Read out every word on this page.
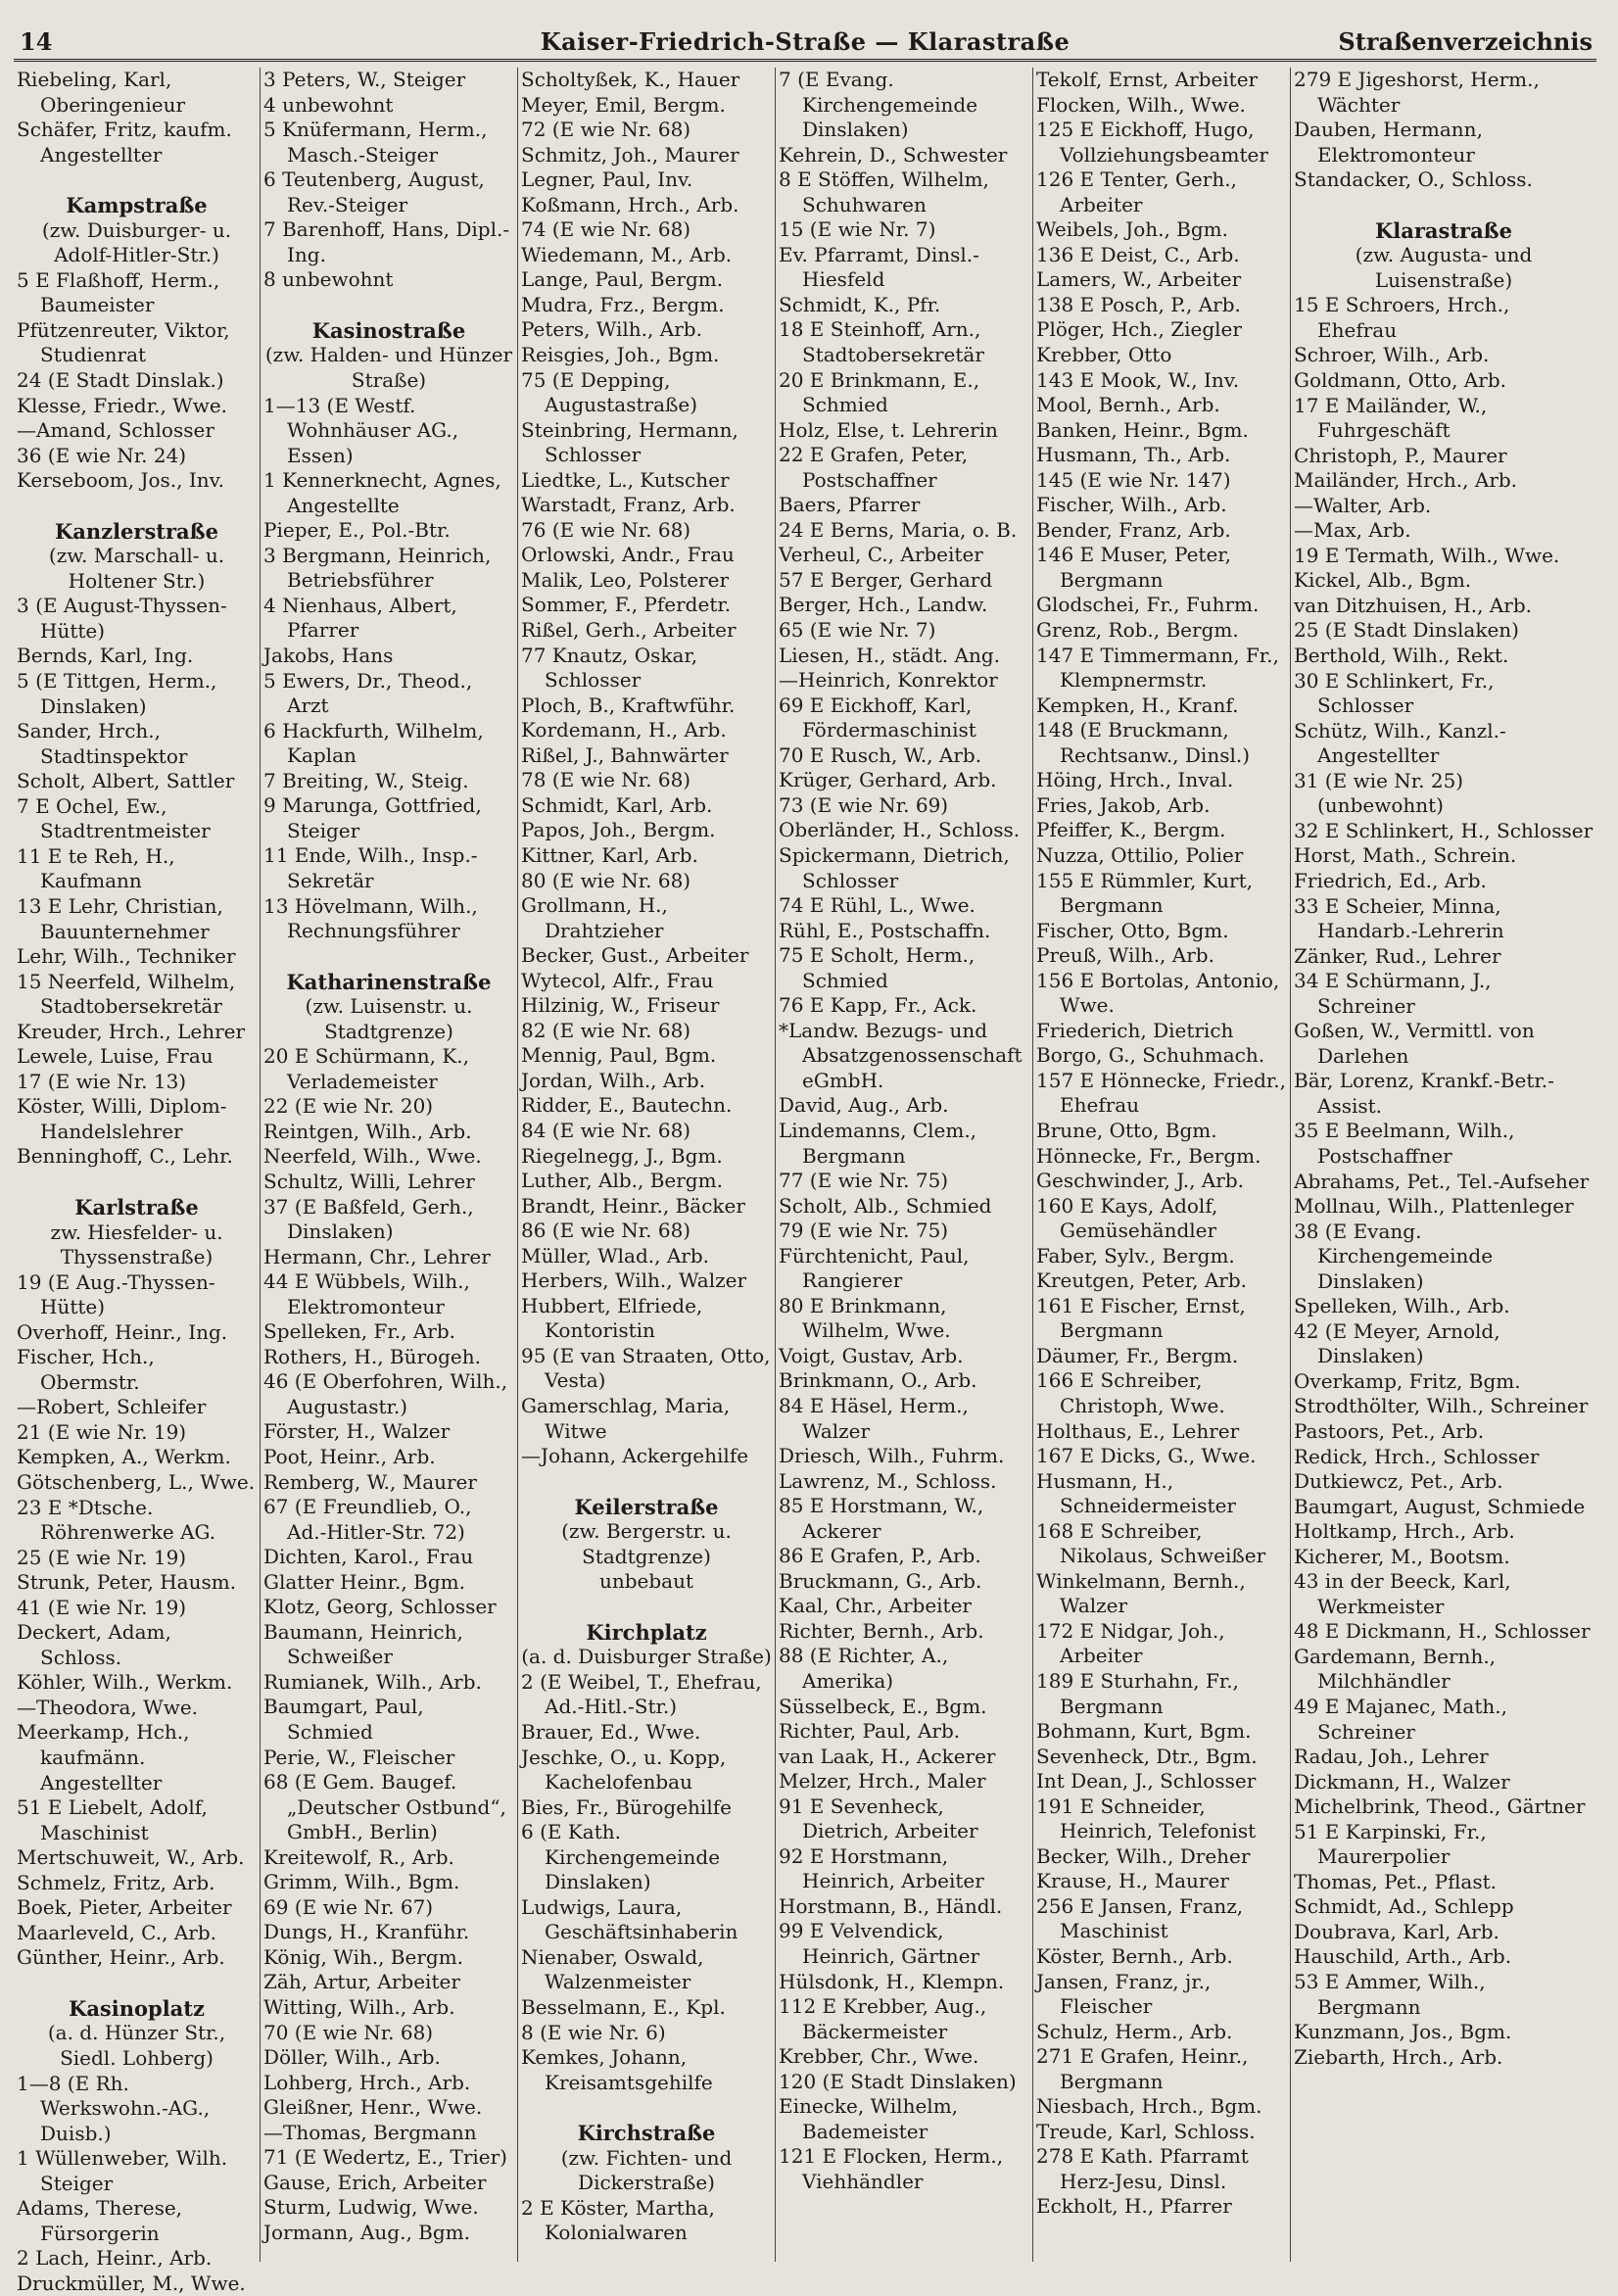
14	Kaiser-Friedrich-Straße — Klarastraße	Straßenverzeichnis
Riebeling, Karl, Oberingenieur
Schäfer, Fritz, kaufm. Angestellter
Kampstraße
(zw. Duisburger- u. Adolf-Hitler-Str.)
5 E Flaßhoff, Herm., Baumeister
Pfützenreuter, Viktor, Studienrat
24 (E Stadt Dinslak.)
Klesse, Friedr., Wwe.
—Amand, Schlosser
36 (E wie Nr. 24)
Kerseboom, Jos., Inv.
Kanzlerstraße
(zw. Marschall- u. Holtener Str.)
3 (E August-Thyssen-Hütte)
Bernds, Karl, Ing.
5 (E Tittgen, Herm., Dinslaken)
Sander, Hrch., Stadtinspektor
Scholt, Albert, Sattler
7 E Ochel, Ew., Stadtrentmeister
11 E te Reh, H., Kaufmann
13 E Lehr, Christian, Bauunternehmer
Lehr, Wilh., Techniker
15 Neerfeld, Wilhelm, Stadtobersekretär
Kreuder, Hrch., Lehrer
Lewele, Luise, Frau
17 (E wie Nr. 13)
Köster, Willi, Diplom-Handelslehrer
Benninghoff, C., Lehr.
Karlstraße
zw. Hiesfelder- u. Thyssenstraße)
19 (E Aug.-Thyssen-Hütte)
Overhoff, Heinr., Ing.
Fischer, Hch., Obermstr.
—Robert, Schleifer
21 (E wie Nr. 19)
Kempken, A., Werkm.
Götschenberg, L., Wwe.
23 E *Dtsche. Röhrenwerke AG.
25 (E wie Nr. 19)
Strunk, Peter, Hausm.
41 (E wie Nr. 19)
Deckert, Adam, Schloss.
Köhler, Wilh., Werkm.
—Theodora, Wwe.
Meerkamp, Hch., kaufmänn. Angestellter
51 E Liebelt, Adolf, Maschinist
Mertschuweit, W., Arb.
Schmelz, Fritz, Arb.
Boek, Pieter, Arbeiter
Maarleveld, C., Arb.
Günther, Heinr., Arb.
Kasinoplatz
(a. d. Hünzer Str., Siedl. Lohberg)
1—8 (E Rh. Werkswohn.-AG., Duisb.)
1 Wüllenweber, Wilh. Steiger
Adams, Therese, Fürsorgerin
2 Lach, Heinr., Arb.
Druckmüller, M., Wwe.
3 Peters, W., Steiger
4 unbewohnt
5 Knüfermann, Herm., Masch.-Steiger
6 Teutenberg, August, Rev.-Steiger
7 Barenhoff, Hans, Dipl.-Ing.
8 unbewohnt
Kasinostraße
(zw. Halden- und Hünzer Straße)
1—13 (E Westf. Wohnhäuser AG., Essen)
1 Kennerknecht, Agnes, Angestellte
Pieper, E., Pol.-Btr.
3 Bergmann, Heinrich, Betriebsführer
4 Nienhaus, Albert, Pfarrer
Jakobs, Hans
5 Ewers, Dr., Theod., Arzt
6 Hackfurth, Wilhelm, Kaplan
7 Breiting, W., Steig.
9 Marunga, Gottfried, Steiger
11 Ende, Wilh., Insp.-Sekretär
13 Hövelmann, Wilh., Rechnungsführer
Katharinenstraße
(zw. Luisenstr. u. Stadtgrenze)
20 E Schürmann, K., Verlademeister
22 (E wie Nr. 20)
Reintgen, Wilh., Arb.
Neerfeld, Wilh., Wwe.
Schultz, Willi, Lehrer
37 (E Baßfeld, Gerh., Dinslaken)
Hermann, Chr., Lehrer
44 E Wübbels, Wilh., Elektromonteur
Spelleken, Fr., Arb.
Rothers, H., Bürogeh.
46 (E Oberfohren, Wilh., Augustastr.)
Förster, H., Walzer
Poot, Heinr., Arb.
Remberg, W., Maurer
67 (E Freundlieb, O., Ad.-Hitler-Str. 72)
Dichten, Karol., Frau
Glatter Heinr., Bgm.
Klotz, Georg, Schlosser
Baumann, Heinrich, Schweißer
Rumianek, Wilh., Arb.
Baumgart, Paul, Schmied
Perie, W., Fleischer
68 (E Gem. Baugef. „Deutscher Ostbund“, GmbH., Berlin)
Kreitewolf, R., Arb.
Grimm, Wilh., Bgm.
69 (E wie Nr. 67)
Dungs, H., Kranführ.
König, Wih., Bergm.
Zäh, Artur, Arbeiter
Witting, Wilh., Arb.
70 (E wie Nr. 68)
Döller, Wilh., Arb.
Lohberg, Hrch., Arb.
Gleißner, Henr., Wwe.
—Thomas, Bergmann
71 (E Wedertz, E., Trier)
Gause, Erich, Arbeiter
Sturm, Ludwig, Wwe.
Jormann, Aug., Bgm.
Scholtyßek, K., Hauer
Meyer, Emil, Bergm.
72 (E wie Nr. 68)
Schmitz, Joh., Maurer
Legner, Paul, Inv.
Koßmann, Hrch., Arb.
74 (E wie Nr. 68)
Wiedemann, M., Arb.
Lange, Paul, Bergm.
Mudra, Frz., Bergm.
Peters, Wilh., Arb.
Reisgies, Joh., Bgm.
75 (E Depping, Augustastraße)
Steinbring, Hermann, Schlosser
Liedtke, L., Kutscher
Warstadt, Franz, Arb.
76 (E wie Nr. 68)
Orlowski, Andr., Frau
Malik, Leo, Polsterer
Sommer, F., Pferdetr.
Rißel, Gerh., Arbeiter
77 Knautz, Oskar, Schlosser
Ploch, B., Kraftwführ.
Kordemann, H., Arb.
Rißel, J., Bahnwärter
78 (E wie Nr. 68)
Schmidt, Karl, Arb.
Papos, Joh., Bergm.
Kittner, Karl, Arb.
80 (E wie Nr. 68)
Grollmann, H., Drahtzieher
Becker, Gust., Arbeiter
Wytecol, Alfr., Frau
Hilzinig, W., Friseur
82 (E wie Nr. 68)
Mennig, Paul, Bgm.
Jordan, Wilh., Arb.
Ridder, E., Bautechn.
84 (E wie Nr. 68)
Riegelnegg, J., Bgm.
Luther, Alb., Bergm.
Brandt, Heinr., Bäcker
86 (E wie Nr. 68)
Müller, Wlad., Arb.
Herbers, Wilh., Walzer
Hubbert, Elfriede, Kontoristin
95 (E van Straaten, Otto, Vesta)
Gamerschlag, Maria, Witwe
—Johann, Ackergehilfe
Keilerstraße
(zw. Bergerstr. u. Stadtgrenze)
unbebaut
Kirchplatz
(a. d. Duisburger Straße)
2 (E Weibel, T., Ehefrau, Ad.-Hitl.-Str.)
Brauer, Ed., Wwe.
Jeschke, O., u. Kopp, Kachelofenbau
Bies, Fr., Bürogehilfe
6 (E Kath. Kirchengemeinde Dinslaken)
Ludwigs, Laura, Geschäftsinhaberin
Nienaber, Oswald, Walzenmeister
Besselmann, E., Kpl.
8 (E wie Nr. 6)
Kemkes, Johann, Kreisamtsgehilfe
Kirchstraße
(zw. Fichten- und Dickerstraße)
2 E Köster, Martha, Kolonialwaren
7 (E Evang. Kirchengemeinde Dinslaken)
Kehrein, D., Schwester
8 E Stöffen, Wilhelm, Schuhwaren
15 (E wie Nr. 7)
Ev. Pfarramt, Dinsl.-Hiesfeld
Schmidt, K., Pfr.
18 E Steinhoff, Arn., Stadtobersekretär
20 E Brinkmann, E., Schmied
Holz, Else, t. Lehrerin
22 E Grafen, Peter, Postschaffner
Baers, Pfarrer
24 E Berns, Maria, o. B.
Verheul, C., Arbeiter
57 E Berger, Gerhard
Berger, Hch., Landw.
65 (E wie Nr. 7)
Liesen, H., städt. Ang.
—Heinrich, Konrektor
69 E Eickhoff, Karl, Fördermaschinist
70 E Rusch, W., Arb.
Krüger, Gerhard, Arb.
73 (E wie Nr. 69)
Oberländer, H., Schloss.
Spickermann, Dietrich, Schlosser
74 E Rühl, L., Wwe.
Rühl, E., Postschaffn.
75 E Scholt, Herm., Schmied
76 E Kapp, Fr., Ack.
*Landw. Bezugs- und Absatzgenossenschaft eGmbH.
David, Aug., Arb.
Lindemanns, Clem., Bergmann
77 (E wie Nr. 75)
Scholt, Alb., Schmied
79 (E wie Nr. 75)
Fürchtenicht, Paul, Rangierer
80 E Brinkmann, Wilhelm, Wwe.
Voigt, Gustav, Arb.
Brinkmann, O., Arb.
84 E Häsel, Herm., Walzer
Driesch, Wilh., Fuhrm.
Lawrenz, M., Schloss.
85 E Horstmann, W., Ackerer
86 E Grafen, P., Arb.
Bruckmann, G., Arb.
Kaal, Chr., Arbeiter
Richter, Bernh., Arb.
88 (E Richter, A., Amerika)
Süsselbeck, E., Bgm.
Richter, Paul, Arb.
van Laak, H., Ackerer
Melzer, Hrch., Maler
91 E Sevenheck, Dietrich, Arbeiter
92 E Horstmann, Heinrich, Arbeiter
Horstmann, B., Händl.
99 E Velvendick, Heinrich, Gärtner
Hülsdonk, H., Klempn.
112 E Krebber, Aug., Bäckermeister
Krebber, Chr., Wwe.
120 (E Stadt Dinslaken)
Einecke, Wilhelm, Bademeister
121 E Flocken, Herm., Viehhändler
Tekolf, Ernst, Arbeiter
Flocken, Wilh., Wwe.
125 E Eickhoff, Hugo, Vollziehungsbeamter
126 E Tenter, Gerh., Arbeiter
Weibels, Joh., Bgm.
136 E Deist, C., Arb.
Lamers, W., Arbeiter
138 E Posch, P., Arb.
Plöger, Hch., Ziegler
Krebber, Otto
143 E Mook, W., Inv.
Mool, Bernh., Arb.
Banken, Heinr., Bgm.
Husmann, Th., Arb.
145 (E wie Nr. 147)
Fischer, Wilh., Arb.
Bender, Franz, Arb.
146 E Muser, Peter, Bergmann
Glodschei, Fr., Fuhrm.
Grenz, Rob., Bergm.
147 E Timmermann, Fr., Klempnermstr.
Kempken, H., Kranf.
148 (E Bruckmann, Rechtsanw., Dinsl.)
Höing, Hrch., Inval.
Fries, Jakob, Arb.
Pfeiffer, K., Bergm.
Nuzza, Ottilio, Polier
155 E Rümmler, Kurt, Bergmann
Fischer, Otto, Bgm.
Preuß, Wilh., Arb.
156 E Bortolas, Antonio, Wwe.
Friederich, Dietrich
Borgo, G., Schuhmach.
157 E Hönnecke, Friedr., Ehefrau
Brune, Otto, Bgm.
Hönnecke, Fr., Bergm.
Geschwinder, J., Arb.
160 E Kays, Adolf, Gemüsehändler
Faber, Sylv., Bergm.
Kreutgen, Peter, Arb.
161 E Fischer, Ernst, Bergmann
Däumer, Fr., Bergm.
166 E Schreiber, Christoph, Wwe.
Holthaus, E., Lehrer
167 E Dicks, G., Wwe.
Husmann, H., Schneidermeister
168 E Schreiber, Nikolaus, Schweißer
Winkelmann, Bernh., Walzer
172 E Nidgar, Joh., Arbeiter
189 E Sturhahn, Fr., Bergmann
Bohmann, Kurt, Bgm.
Sevenheck, Dtr., Bgm.
Int Dean, J., Schlosser
191 E Schneider, Heinrich, Telefonist
Becker, Wilh., Dreher
Krause, H., Maurer
256 E Jansen, Franz, Maschinist
Köster, Bernh., Arb.
Jansen, Franz, jr., Fleischer
Schulz, Herm., Arb.
271 E Grafen, Heinr., Bergmann
Niesbach, Hrch., Bgm.
Treude, Karl, Schloss.
278 E Kath. Pfarramt Herz-Jesu, Dinsl.
Eckholt, H., Pfarrer
279 E Jigeshorst, Herm., Wächter
Dauben, Hermann, Elektromonteur
Standacker, O., Schloss.
Klarastraße
(zw. Augusta- und Luisenstraße)
15 E Schroers, Hrch., Ehefrau
Schroer, Wilh., Arb.
Goldmann, Otto, Arb.
17 E Mailänder, W., Fuhrgeschäft
Christoph, P., Maurer
Mailänder, Hrch., Arb.
—Walter, Arb.
—Max, Arb.
19 E Termath, Wilh., Wwe.
Kickel, Alb., Bgm.
van Ditzhuisen, H., Arb.
25 (E Stadt Dinslaken)
Berthold, Wilh., Rekt.
30 E Schlinkert, Fr., Schlosser
Schütz, Wilh., Kanzl.-Angestellter
31 (E wie Nr. 25) (unbewohnt)
32 E Schlinkert, H., Schlosser
Horst, Math., Schrein.
Friedrich, Ed., Arb.
33 E Scheier, Minna, Handarb.-Lehrerin
Zänker, Rud., Lehrer
34 E Schürmann, J., Schreiner
Goßen, W., Vermittl. von Darlehen
Bär, Lorenz, Krankf.-Betr.-Assist.
35 E Beelmann, Wilh., Postschaffner
Abrahams, Pet., Tel.-Aufseher
Mollnau, Wilh., Plattenleger
38 (E Evang. Kirchengemeinde Dinslaken)
Spelleken, Wilh., Arb.
42 (E Meyer, Arnold, Dinslaken)
Overkamp, Fritz, Bgm.
Strodthölter, Wilh., Schreiner
Pastoors, Pet., Arb.
Redick, Hrch., Schlosser
Dutkiewcz, Pet., Arb.
Baumgart, August, Schmiede
Holtkamp, Hrch., Arb.
Kicherer, M., Bootsm.
43 in der Beeck, Karl, Werkmeister
48 E Dickmann, H., Schlosser
Gardemann, Bernh., Milchhändler
49 E Majanec, Math., Schreiner
Radau, Joh., Lehrer
Dickmann, H., Walzer
Michelbrink, Theod., Gärtner
51 E Karpinski, Fr., Maurerpolier
Thomas, Pet., Pflast.
Schmidt, Ad., Schlepp
Doubrava, Karl, Arb.
Hauschild, Arth., Arb.
53 E Ammer, Wilh., Bergmann
Kunzmann, Jos., Bgm.
Ziebarth, Hrch., Arb.
